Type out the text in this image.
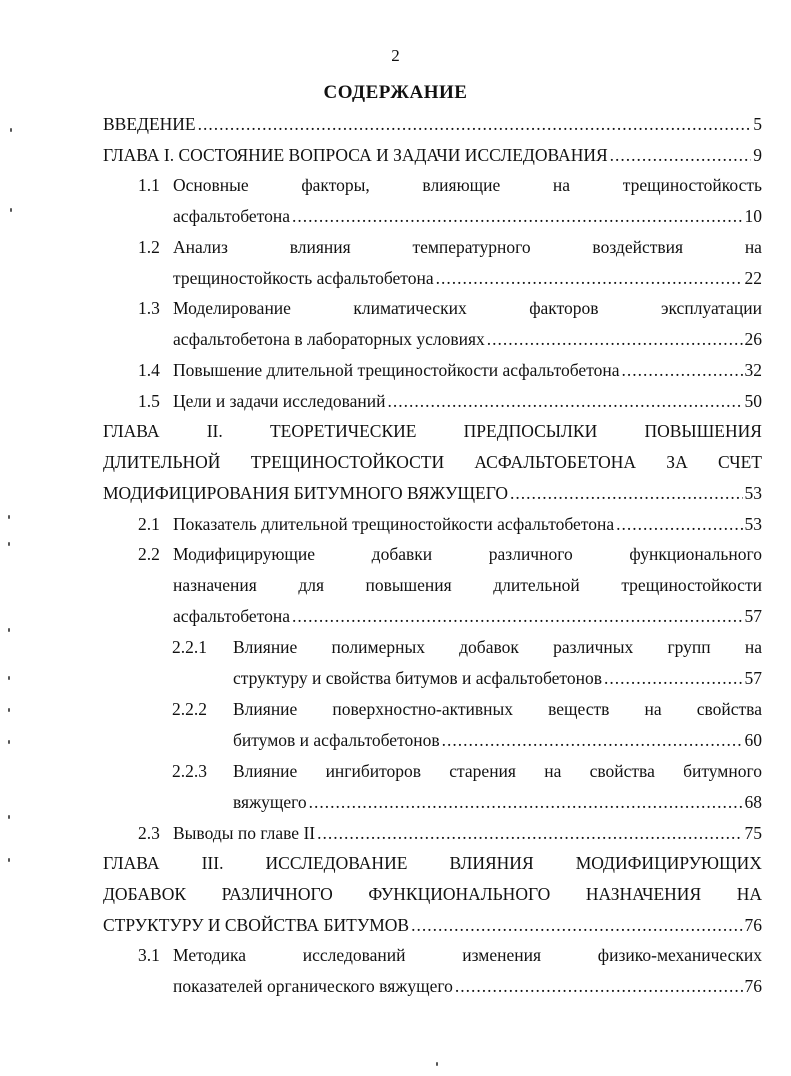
2
СОДЕРЖАНИЕ
ВВЕДЕНИЕ .....	5
ГЛАВА I. СОСТОЯНИЕ ВОПРОСА И ЗАДАЧИ ИССЛЕДОВАНИЯ .....	9
1.1 Основные	факторы,	влияющие	на	трещиностойкость
асфальтобетона .....	10
1.2 Анализ	влияния	температурного	воздействия	на
трещиностойкость асфальтобетона .....	22
1.3 Моделирование	климатических	факторов	эксплуатации
асфальтобетона в лабораторных условиях .....	26
1.4 Повышение длительной трещиностойкости асфальтобетона .....	32
1.5 Цели и задачи исследований .....	50
ГЛАВА	II.	ТЕОРЕТИЧЕСКИЕ	ПРЕДПОСЫЛКИ	ПОВЫШЕНИЯ
ДЛИТЕЛЬНОЙ ТРЕЩИНОСТОЙКОСТИ АСФАЛЬТОБЕТОНА ЗА СЧЕТ
МОДИФИЦИРОВАНИЯ БИТУМНОГО ВЯЖУЩЕГО .....	53
2.1 Показатель длительной трещиностойкости асфальтобетона .....	53
2.2 Модифицирующие	добавки	различного	функционального
назначения для повышения длительной трещиностойкости
асфальтобетона .....	57
2.2.1 Влияние полимерных добавок различных групп на
структуру и свойства битумов и асфальтобетонов .....	57
2.2.2 Влияние поверхностно-активных веществ на свойства
битумов и асфальтобетонов .....	60
2.2.3 Влияние ингибиторов старения на свойства битумного
вяжущего .....	68
2.3 Выводы по главе II .....	75
ГЛАВА III. ИССЛЕДОВАНИЕ ВЛИЯНИЯ МОДИФИЦИРУЮЩИХ
ДОБАВОК РАЗЛИЧНОГО ФУНКЦИОНАЛЬНОГО НАЗНАЧЕНИЯ НА
СТРУКТУРУ И СВОЙСТВА БИТУМОВ .....	76
3.1 Методика	исследований	изменения	физико-механических
показателей органического вяжущего .....	76
